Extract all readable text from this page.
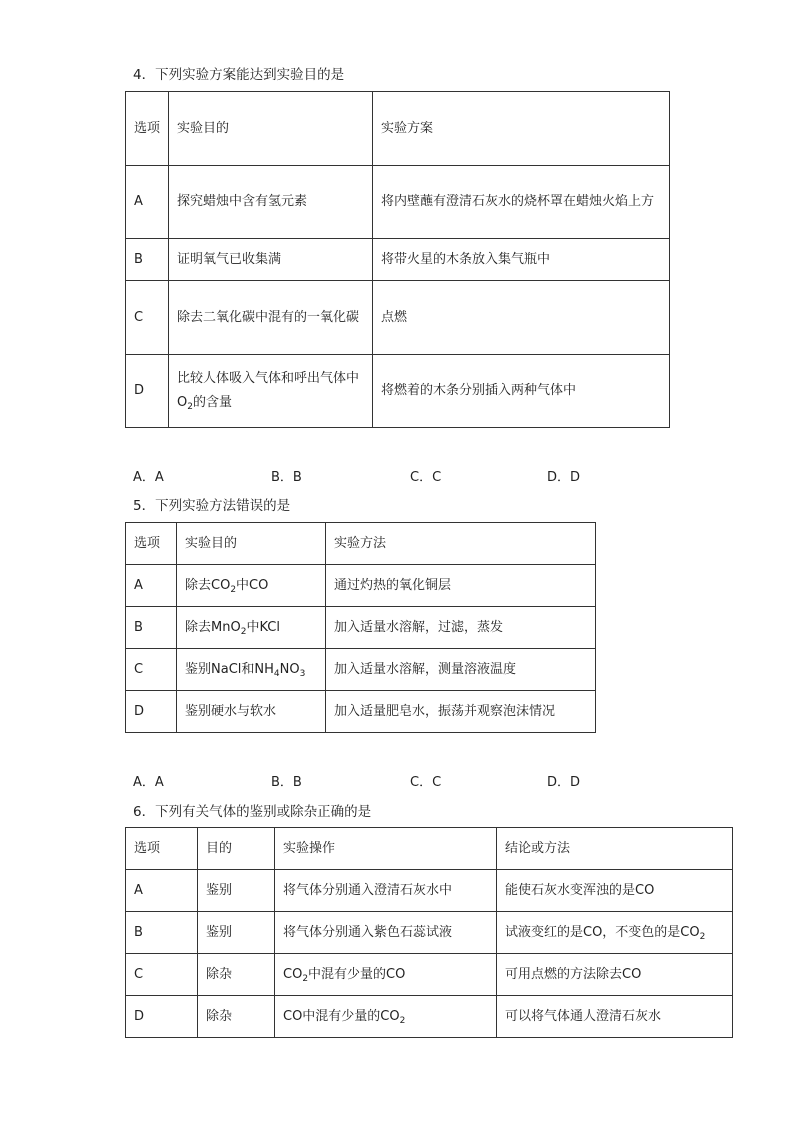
4．下列实验方案能达到实验目的是
选项	实验目的	实验方案
A	探究蜡烛中含有氢元素	将内壁蘸有澄清石灰水的烧杯罩在蜡烛火焰上方
B	证明氧气已收集满	将带火星的木条放入集气瓶中
C	除去二氧化碳中混有的一氧化碳	点燃
D	比较人体吸入气体和呼出气体中$O_2$的含量	将燃着的木条分别插入两种气体中
A．A	B．B	C．C	D．D
5．下列实验方法错误的是
选项	实验目的	实验方法
A	除去$CO_2$中CO	通过灼热的氧化铜层
B	除去MnO$_2$中KCl	加入适量水溶解，过滤，蒸发
C	鉴别NaCl和$NH_4NO_3$	加入适量水溶解，测量溶液温度
D	鉴别硬水与软水	加入适量肥皂水，振荡并观察泡沫情况
A．A	B．B	C．C	D．D
6．下列有关气体的鉴别或除杂正确的是
选项	目的	实验操作	结论或方法
A	鉴别	将气体分别通入澄清石灰水中	能使石灰水变浑浊的是CO
B	鉴别	将气体分别通入紫色石蕊试液	试液变红的是CO，不变色的是$CO_2$
C	除杂	$CO_2$中混有少量的CO	可用点燃的方法除去CO
D	除杂	CO中混有少量的$CO_2$	可以将气体通人澄清石灰水
